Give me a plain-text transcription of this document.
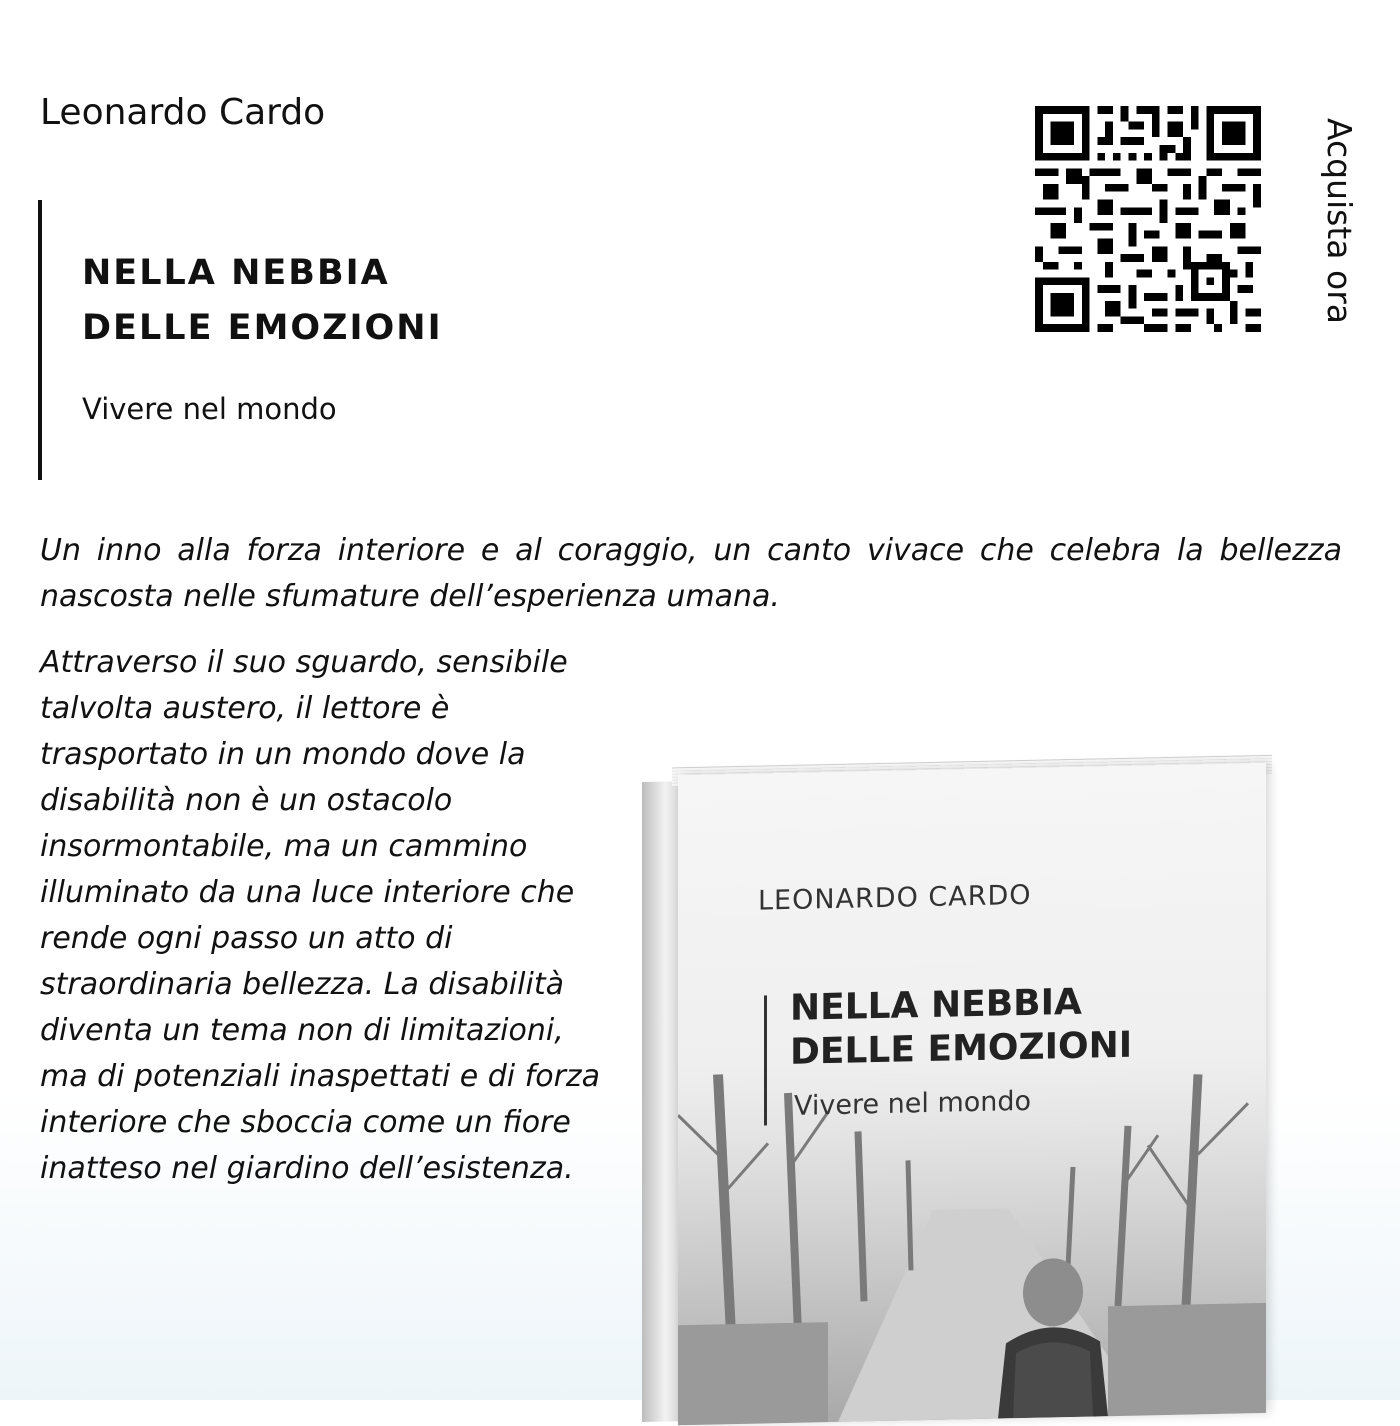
Leonardo Cardo
NELLA NEBBIA
DELLE EMOZIONI
Vivere nel mondo
Acquista ora

Un inno alla forza interiore e al coraggio, un canto vivace che celebra la bellezza nascosta nelle sfumature dell’esperienza umana.

Attraverso il suo sguardo, sensibile talvolta austero, il lettore è trasportato in un mondo dove la disabilità non è un ostacolo insormontabile, ma un cammino illuminato da una luce interiore che rende ogni passo un atto di straordinaria bellezza. La disabilità diventa un tema non di limitazioni, ma di potenziali inaspettati e di forza interiore che sboccia come un fiore inatteso nel giardino dell’esistenza.

LEONARDO CARDO
NELLA NEBBIA
DELLE EMOZIONI
Vivere nel mondo
